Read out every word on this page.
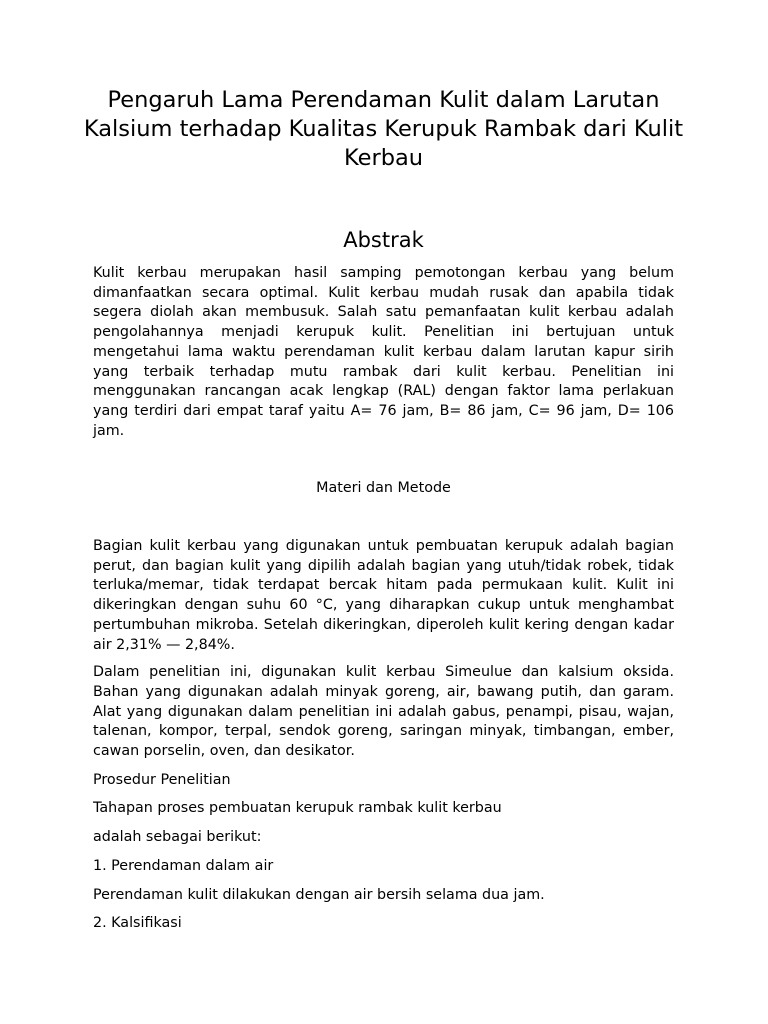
Pengaruh Lama Perendaman Kulit dalam Larutan Kalsium terhadap Kualitas Kerupuk Rambak dari Kulit Kerbau
Abstrak

Kulit kerbau merupakan hasil samping pemotongan kerbau yang belum dimanfaatkan secara optimal. Kulit kerbau mudah rusak dan apabila tidak segera diolah akan membusuk. Salah satu pemanfaatan kulit kerbau adalah pengolahannya menjadi kerupuk kulit. Penelitian ini bertujuan untuk mengetahui lama waktu perendaman kulit kerbau dalam larutan kapur sirih yang terbaik terhadap mutu rambak dari kulit kerbau. Penelitian ini menggunakan rancangan acak lengkap (RAL) dengan faktor lama perlakuan yang terdiri dari empat taraf yaitu A= 76 jam, B= 86 jam, C= 96 jam, D= 106 jam.

Materi dan Metode

Bagian kulit kerbau yang digunakan untuk pembuatan kerupuk adalah bagian perut, dan bagian kulit yang dipilih adalah bagian yang utuh/tidak robek, tidak terluka/memar, tidak terdapat bercak hitam pada permukaan kulit. Kulit ini dikeringkan dengan suhu 60 °C, yang diharapkan cukup untuk menghambat pertumbuhan mikroba. Setelah dikeringkan, diperoleh kulit kering dengan kadar air 2,31% — 2,84%.

Dalam penelitian ini, digunakan kulit kerbau Simeulue dan kalsium oksida. Bahan yang digunakan adalah minyak goreng, air, bawang putih, dan garam. Alat yang digunakan dalam penelitian ini adalah gabus, penampi, pisau, wajan, talenan, kompor, terpal, sendok goreng, saringan minyak, timbangan, ember, cawan porselin, oven, dan desikator.

Prosedur Penelitian

Tahapan proses pembuatan kerupuk rambak kulit kerbau

adalah sebagai berikut:

1. Perendaman dalam air

Perendaman kulit dilakukan dengan air bersih selama dua jam.

2. Kalsifikasi
